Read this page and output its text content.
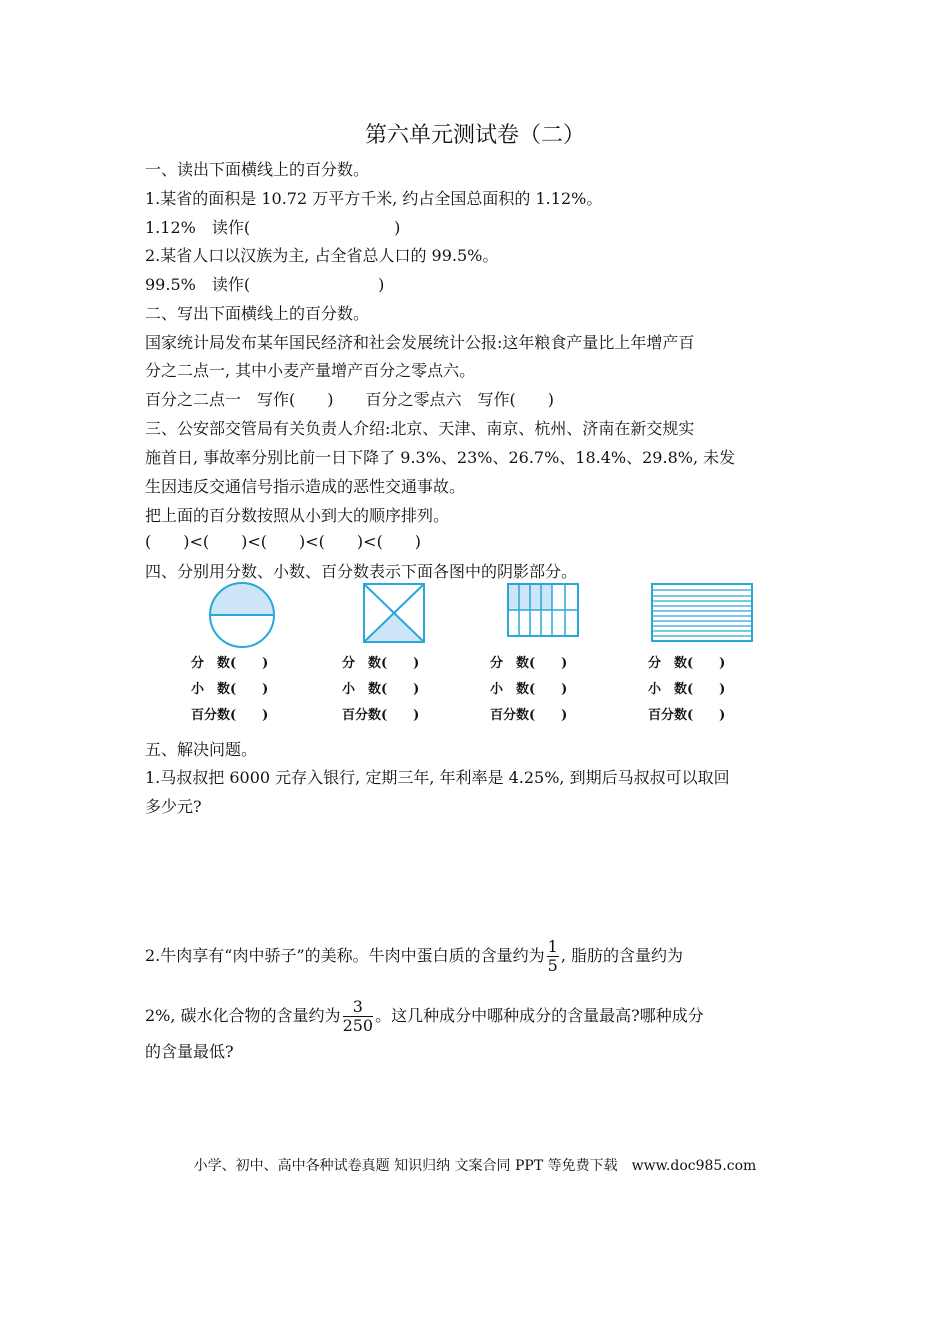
第六单元测试卷（二）
一、读出下面横线上的百分数。
1.某省的面积是 10.72 万平方千米, 约占全国总面积的 1.12%。
1.12%　读作(　　　　　　　　　)
2.某省人口以汉族为主, 占全省总人口的 99.5%。
99.5%　读作(　　　　　　　　)
二、写出下面横线上的百分数。
国家统计局发布某年国民经济和社会发展统计公报:这年粮食产量比上年增产百
分之二点一, 其中小麦产量增产百分之零点六。
百分之二点一　写作(　　)　　百分之零点六　写作(　　)
三、公安部交管局有关负责人介绍:北京、天津、南京、杭州、济南在新交规实
施首日, 事故率分别比前一日下降了 9.3%、23%、26.7%、18.4%、29.8%, 未发
生因违反交通信号指示造成的恶性交通事故。
把上面的百分数按照从小到大的顺序排列。
(　　)<(　　)<(　　)<(　　)<(　　)
四、分别用分数、小数、百分数表示下面各图中的阴影部分。
分　数(　　)
小　数(　　)
百分数(　　)
分　数(　　)
小　数(　　)
百分数(　　)
分　数(　　)
小　数(　　)
百分数(　　)
分　数(　　)
小　数(　　)
百分数(　　)
五、解决问题。
1.马叔叔把 6000 元存入银行, 定期三年, 年利率是 4.25%, 到期后马叔叔可以取回
多少元?
2.牛肉享有“肉中骄子”的美称。牛肉中蛋白质的含量约为 $\frac{1}{5}$ , 脂肪的含量约为
2%, 碳水化合物的含量约为 $\frac{3}{250}$ 。这几种成分中哪种成分的含量最高?哪种成分
的含量最低?
小学、初中、高中各种试卷真题 知识归纳 文案合同 PPT 等免费下载　www.doc985.com
